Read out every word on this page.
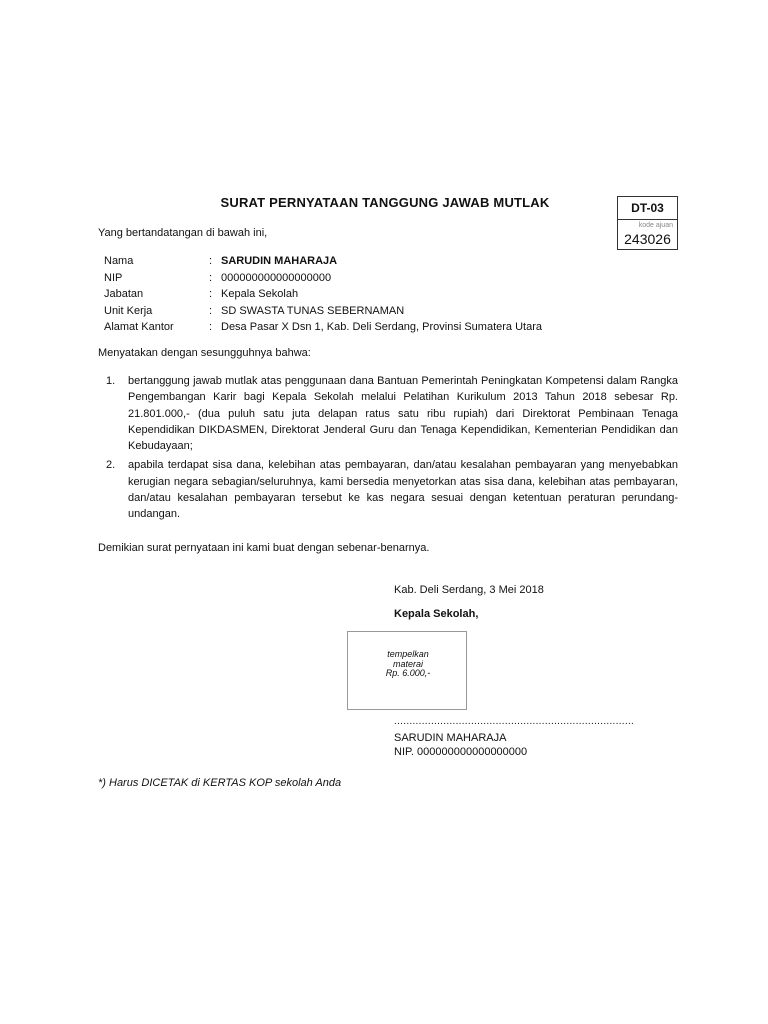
SURAT PERNYATAAN TANGGUNG JAWAB MUTLAK	DT-03
kode ajuan
243026
Yang bertandatangan di bawah ini,
Nama	: SARUDIN MAHARAJA
NIP	: 000000000000000000
Jabatan	: Kepala Sekolah
Unit Kerja	: SD SWASTA TUNAS SEBERNAMAN
Alamat Kantor	: Desa Pasar X Dsn 1, Kab. Deli Serdang, Provinsi Sumatera Utara
Menyatakan dengan sesungguhnya bahwa:
1.	bertanggung jawab mutlak atas penggunaan dana Bantuan Pemerintah Peningkatan Kompetensi dalam Rangka Pengembangan Karir bagi Kepala Sekolah melalui Pelatihan Kurikulum 2013 Tahun 2018 sebesar Rp. 21.801.000,- (dua puluh satu juta delapan ratus satu ribu rupiah) dari Direktorat Pembinaan Tenaga Kependidikan DIKDASMEN, Direktorat Jenderal Guru dan Tenaga Kependidikan, Kementerian Pendidikan dan Kebudayaan;
2.	apabila terdapat sisa dana, kelebihan atas pembayaran, dan/atau kesalahan pembayaran yang menyebabkan kerugian negara sebagian/seluruhnya, kami bersedia menyetorkan atas sisa dana, kelebihan atas pembayaran, dan/atau kesalahan pembayaran tersebut ke kas negara sesuai dengan ketentuan peraturan perundang-undangan.
Demikian surat pernyataan ini kami buat dengan sebenar-benarnya.
Kab. Deli Serdang, 3 Mei 2018
Kepala Sekolah,
tempelkan
materai
Rp. 6.000,-
..............................................................................
SARUDIN MAHARAJA
NIP. 000000000000000000
*) Harus DICETAK di KERTAS KOP sekolah Anda
